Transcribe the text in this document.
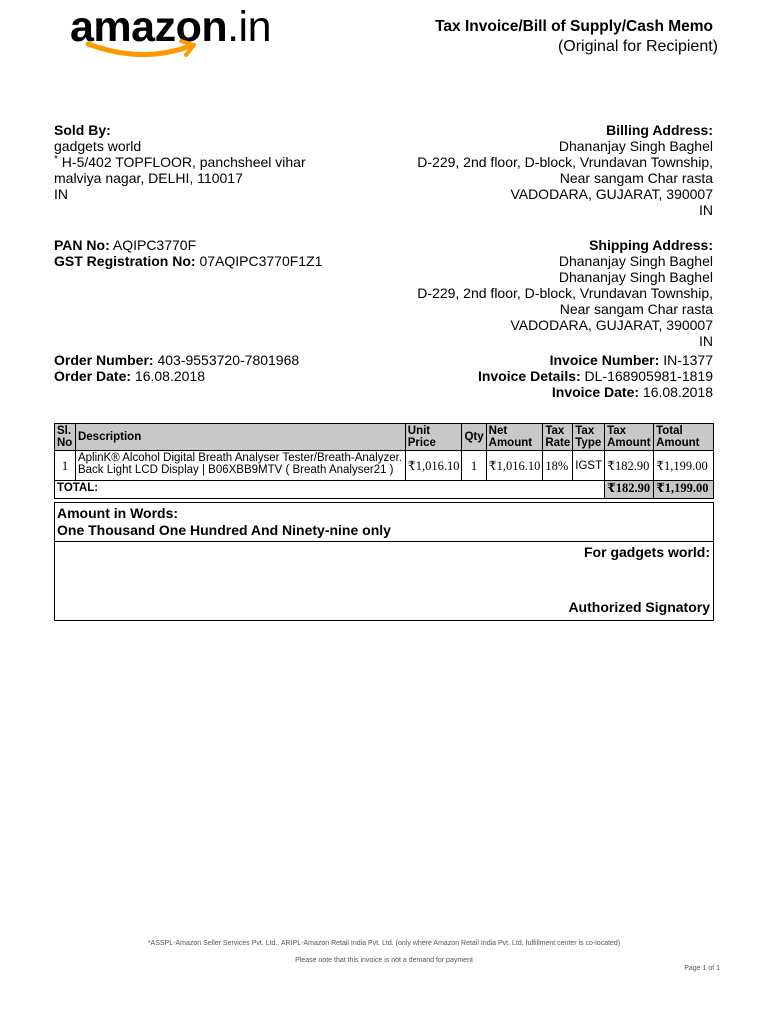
amazon.in	Tax Invoice/Bill of Supply/Cash Memo
(Original for Recipient)
Sold By:
gadgets world
* H-5/402 TOPFLOOR, panchsheel vihar
malviya nagar, DELHI, 110017
IN
Billing Address:
Dhananjay Singh Baghel
D-229, 2nd floor, D-block, Vrundavan Township,
Near sangam Char rasta
VADODARA, GUJARAT, 390007
IN
PAN No: AQIPC3770F
GST Registration No: 07AQIPC3770F1Z1
Shipping Address:
Dhananjay Singh Baghel
Dhananjay Singh Baghel
D-229, 2nd floor, D-block, Vrundavan Township,
Near sangam Char rasta
VADODARA, GUJARAT, 390007
IN
Order Number: 403-9553720-7801968
Order Date: 16.08.2018
Invoice Number: IN-1377
Invoice Details: DL-168905981-1819
Invoice Date: 16.08.2018
Sl. No	Description	Unit Price	Qty	Net Amount	Tax Rate	Tax Type	Tax Amount	Total Amount
1	AplinK® Alcohol Digital Breath Analyser Tester/Breath-Analyzer. Back Light LCD Display | B06XBB9MTV ( Breath Analyser21 )	₹1,016.10	1	₹1,016.10	18%	IGST	₹182.90	₹1,199.00
TOTAL:							₹182.90	₹1,199.00
Amount in Words:
One Thousand One Hundred And Ninety-nine only
For gadgets world:
Authorized Signatory
*ASSPL-Amazon Seller Services Pvt. Ltd., ARIPL-Amazon Retail India Pvt. Ltd. (only where Amazon Retail India Pvt. Ltd. fulfillment center is co-located)
Please note that this invoice is not a demand for payment
Page 1 of 1
